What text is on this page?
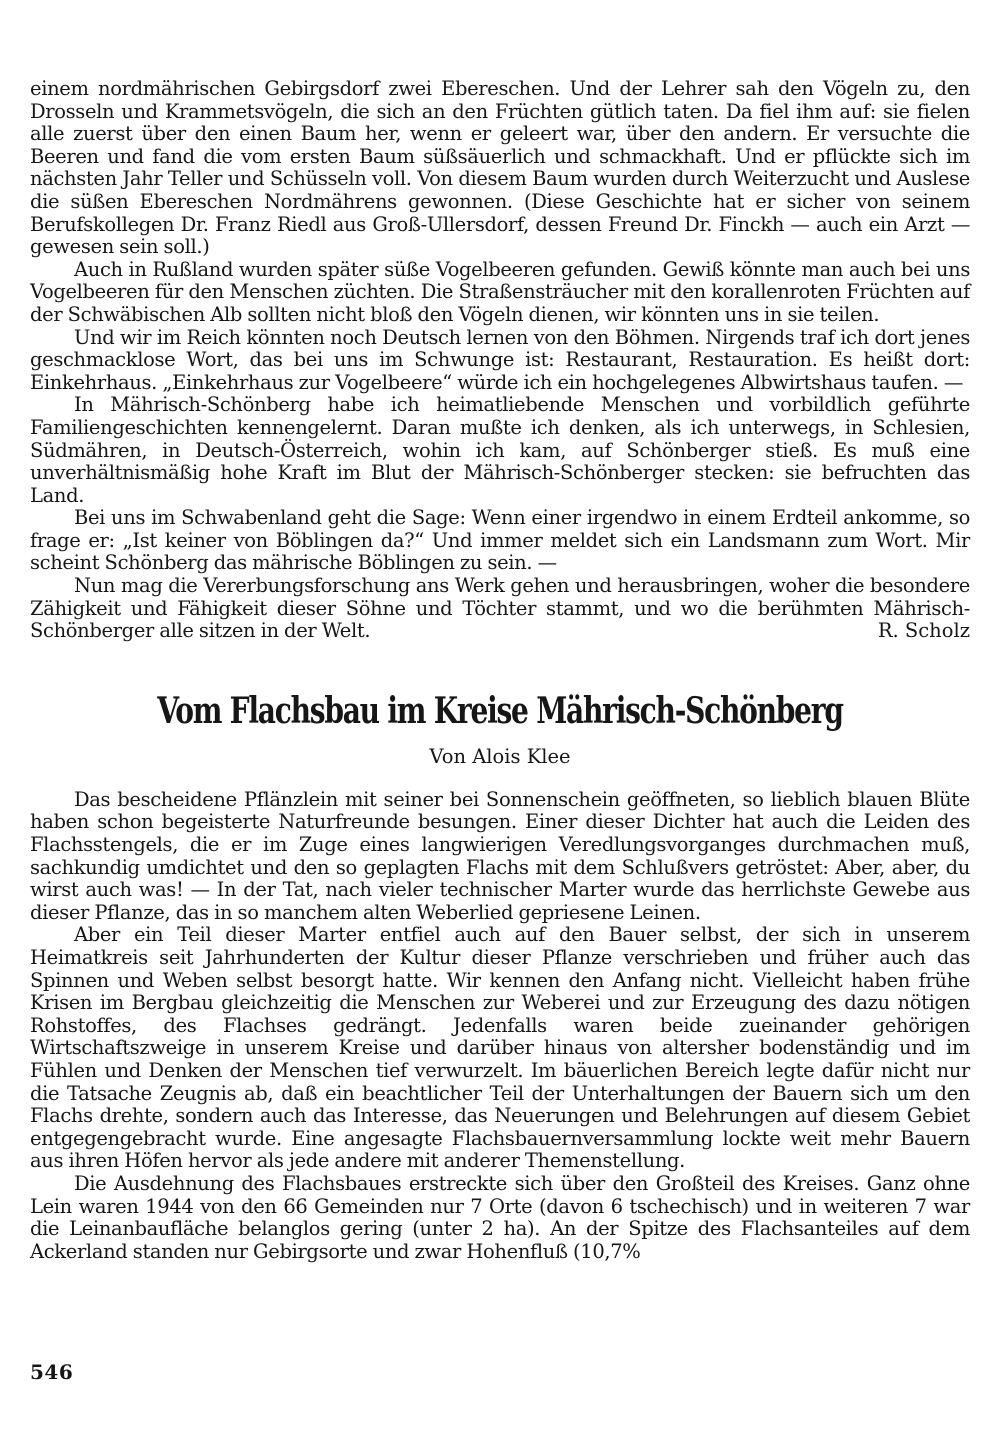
einem nordmährischen Gebirgsdorf zwei Ebereschen. Und der Lehrer sah den Vögeln zu, den Drosseln und Krammetsvögeln, die sich an den Früchten gütlich taten. Da fiel ihm auf: sie fielen alle zuerst über den einen Baum her, wenn er geleert war, über den andern. Er versuchte die Beeren und fand die vom ersten Baum süßsäuerlich und schmackhaft. Und er pflückte sich im nächsten Jahr Teller und Schüsseln voll. Von diesem Baum wurden durch Weiterzucht und Auslese die süßen Ebereschen Nordmährens gewonnen. (Diese Geschichte hat er sicher von seinem Berufskollegen Dr. Franz Riedl aus Groß-Ullersdorf, dessen Freund Dr. Finckh — auch ein Arzt — gewesen sein soll.)

Auch in Rußland wurden später süße Vogelbeeren gefunden. Gewiß könnte man auch bei uns Vogelbeeren für den Menschen züchten. Die Straßensträucher mit den korallenroten Früchten auf der Schwäbischen Alb sollten nicht bloß den Vögeln dienen, wir könnten uns in sie teilen.

Und wir im Reich könnten noch Deutsch lernen von den Böhmen. Nirgends traf ich dort jenes geschmacklose Wort, das bei uns im Schwunge ist: Restaurant, Restauration. Es heißt dort: Einkehrhaus. „Einkehrhaus zur Vogelbeere“ würde ich ein hochgelegenes Albwirtshaus taufen. —

In Mährisch-Schönberg habe ich heimatliebende Menschen und vorbildlich geführte Familiengeschichten kennengelernt. Daran mußte ich denken, als ich unterwegs, in Schlesien, Südmähren, in Deutsch-Österreich, wohin ich kam, auf Schönberger stieß. Es muß eine unverhältnismäßig hohe Kraft im Blut der Mährisch-Schönberger stecken: sie befruchten das Land.

Bei uns im Schwabenland geht die Sage: Wenn einer irgendwo in einem Erdteil ankomme, so frage er: „Ist keiner von Böblingen da?“ Und immer meldet sich ein Landsmann zum Wort. Mir scheint Schönberg das mährische Böblingen zu sein. —

Nun mag die Vererbungsforschung ans Werk gehen und herausbringen, woher die besondere Zähigkeit und Fähigkeit dieser Söhne und Töchter stammt, und wo die berühmten Mährisch-Schönberger alle sitzen in der Welt.	R. Scholz
Vom Flachsbau im Kreise Mährisch-Schönberg
Von Alois Klee

Das bescheidene Pflänzlein mit seiner bei Sonnenschein geöffneten, so lieblich blauen Blüte haben schon begeisterte Naturfreunde besungen. Einer dieser Dichter hat auch die Leiden des Flachsstengels, die er im Zuge eines langwierigen Veredlungsvorganges durchmachen muß, sachkundig umdichtet und den so geplagten Flachs mit dem Schlußvers getröstet: Aber, aber, du wirst auch was! — In der Tat, nach vieler technischer Marter wurde das herrlichste Gewebe aus dieser Pflanze, das in so manchem alten Weberlied gepriesene Leinen.

Aber ein Teil dieser Marter entfiel auch auf den Bauer selbst, der sich in unserem Heimatkreis seit Jahrhunderten der Kultur dieser Pflanze verschrieben und früher auch das Spinnen und Weben selbst besorgt hatte. Wir kennen den Anfang nicht. Vielleicht haben frühe Krisen im Bergbau gleichzeitig die Menschen zur Weberei und zur Erzeugung des dazu nötigen Rohstoffes, des Flachses gedrängt. Jedenfalls waren beide zueinander gehörigen Wirtschaftszweige in unserem Kreise und darüber hinaus von altersher bodenständig und im Fühlen und Denken der Menschen tief verwurzelt. Im bäuerlichen Bereich legte dafür nicht nur die Tatsache Zeugnis ab, daß ein beachtlicher Teil der Unterhaltungen der Bauern sich um den Flachs drehte, sondern auch das Interesse, das Neuerungen und Belehrungen auf diesem Gebiet entgegengebracht wurde. Eine angesagte Flachsbauernversammlung lockte weit mehr Bauern aus ihren Höfen hervor als jede andere mit anderer Themenstellung.

Die Ausdehnung des Flachsbaues erstreckte sich über den Großteil des Kreises. Ganz ohne Lein waren 1944 von den 66 Gemeinden nur 7 Orte (davon 6 tschechisch) und in weiteren 7 war die Leinanbaufläche belanglos gering (unter 2 ha). An der Spitze des Flachsanteiles auf dem Ackerland standen nur Gebirgsorte und zwar Hohenfluß (10,7%

546
